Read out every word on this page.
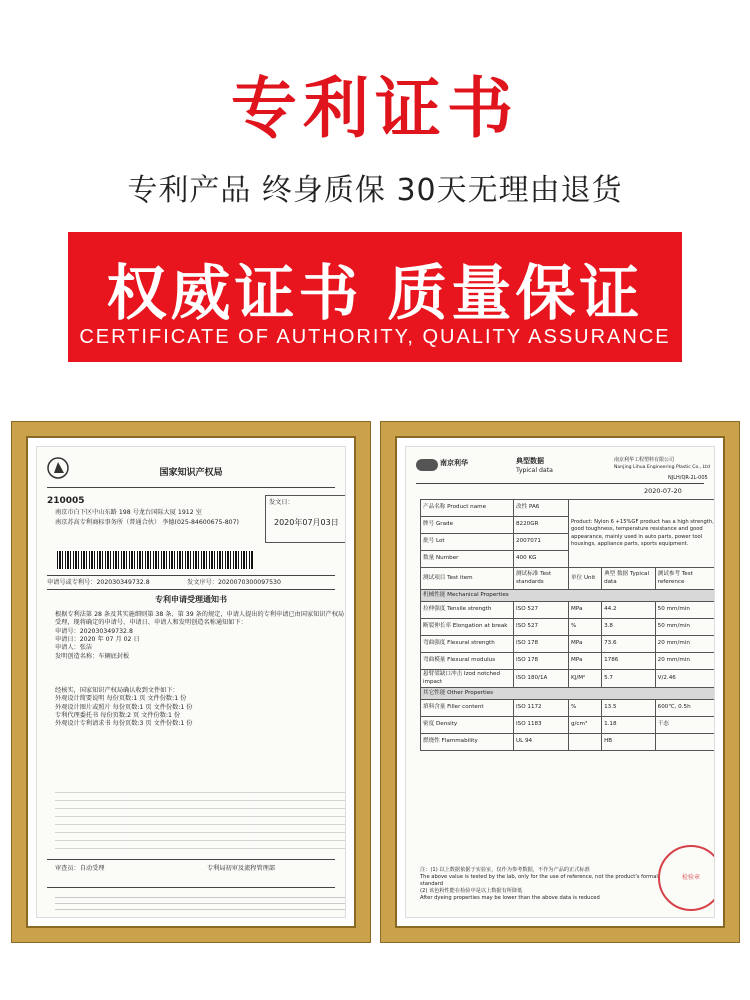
专利证书
专利产品 终身质保 30天无理由退货
权威证书 质量保证
CERTIFICATE OF AUTHORITY, QUALITY ASSURANCE
国家知识产权局
210005
南京市白下区中山东路 198 号龙台国际大厦 1912 室
南京苏高专利商标事务所（普通合伙） 李德(025-84600675-807)
发文日：
2020年07月03日
申请号或专利号：202030349732.8	发文序号：2020070300097530
专利申请受理通知书
根据专利法第 28 条及其实施细则第 38 条、第 39 条的规定，申请人提出的专利申请已由国家知识产权局受理，现将确定的申请号、申请日、申请人和发明创造名称通知如下：
申请号：202030349732.8
申请日：2020 年 07 月 02 日
申请人：张洁
发明创造名称：车辆底封板
经核实，国家知识产权局确认收到文件如下：
外观设计简要说明 每份页数:1 页 文件份数:1 份
外观设计图片或照片 每份页数:1 页 文件份数:1 份
专利代理委托书 每份页数:2 页 文件份数:1 份
外观设计专利请求书 每份页数:3 页 文件份数:1 份
审查员：自动受理	专利局初审及流程管理部
南京利华	典型数据
Typical data
南京利华工程塑料有限公司
Nanjing Lihua Engineering Plastic Co., Ltd
NJLH/QR-2L-005
2020-07-20
产品名称 Product name	改性 PA6	Product: Nylon 6 +15%GF product has a high strength, good toughness, temperature resistance and good appearance, mainly used in auto parts, power tool housings, appliance parts, sports equipment.		
牌号 Grade	8220GR			
批号 Lot	2007071			
数量 Number	400 KG			
测试项目 Test item	测试标准 Test standards	单位 Unit	典型 数据 Typical data	测试参考 Test reference
机械性能 Mechanical Properties				
拉伸强度 Tensile strength	ISO 527	MPa	44.2	50 mm/min
断裂伸长率 Elongation at break	ISO 527	%	3.8	50 mm/min
弯曲强度 Flexural strength	ISO 178	MPa	73.6	20 mm/min
弯曲模量 Flexural modulus	ISO 178	MPa	1786	20 mm/min
悬臂梁缺口冲击 Izod notched impact	ISO 180/1A	KJ/M²	5.7	V/2.46
其它性能 Other Properties				
填料含量 Filler content	ISO 1172	%	13.5	600℃, 0.5h
密度 Density	ISO 1183	g/cm³	1.18	干态
燃烧性 Flammability	UL 94		HB	
注：(1) 以上数据依据于实验室，仅作为参考数据，不作为产品的正式标准
The above value is tested by the lab, only for the use of reference, not the product's formal standard
(2) 该色粉性能在检验中是以上数据有所降低
After dyeing properties may be lower than the above data is reduced
检验章
